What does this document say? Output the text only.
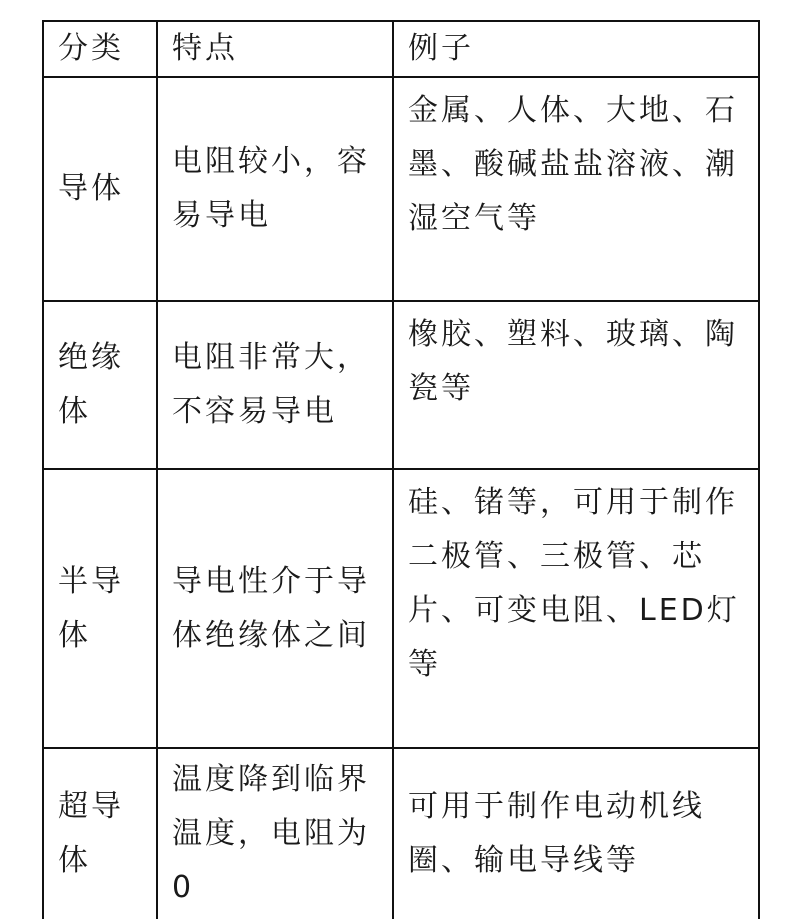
分类	特点	例子

导体	电阻较小，容易导电	金属、人体、大地、石墨、酸碱盐盐溶液、潮湿空气等

绝缘体	电阻非常大，不容易导电	橡胶、塑料、玻璃、陶瓷等

半导体	导电性介于导体绝缘体之间	硅、锗等，可用于制作二极管、三极管、芯片、可变电阻、LED灯等

超导体	温度降到临界温度，电阻为0	可用于制作电动机线圈、输电导线等
